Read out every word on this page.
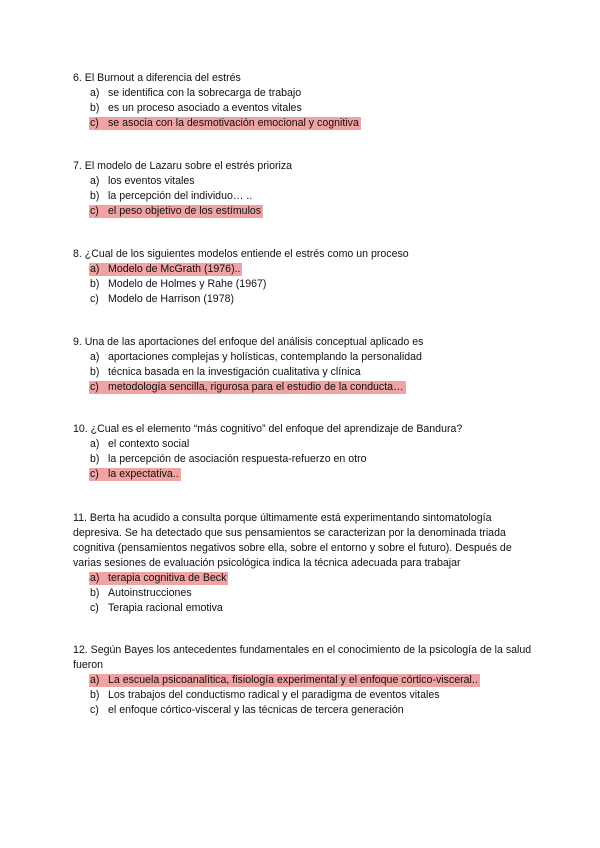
6. El Burnout a diferencia del estrés

a) se identifica con la sobrecarga de trabajo
b) es un proceso asociado a eventos vitales
c) se asocia con la desmotivación emocional y cognitiva

7. El modelo de Lazaru sobre el estrés prioriza

a) los eventos vitales
b) la percepción del individuo… ..
c) el peso objetivo de los estímulos

8. ¿Cual de los siguientes modelos entiende el estrés como un proceso

a) Modelo de McGrath (1976)..
b) Modelo de Holmes y Rahe (1967)
c) Modelo de Harrison (1978)

9. Una de las aportaciones del enfoque del análisis conceptual aplicado es

a) aportaciones complejas y holísticas, contemplando la personalidad
b) técnica basada en la investigación cualitativa y clínica
c) metodología sencilla, rigurosa para el estudio de la conducta…

10. ¿Cual es el elemento “más cognitivo” del enfoque del aprendizaje de Bandura?

a) el contexto social
b) la percepción de asociación respuesta-refuerzo en otro
c) la expectativa..

11. Berta ha acudido a consulta porque últimamente está experimentando sintomatología depresiva. Se ha detectado que sus pensamientos se caracterizan por la denominada triada cognitiva (pensamientos negativos sobre ella, sobre el entorno y sobre el futuro). Después de varias sesiones de evaluación psicológica indica la técnica adecuada para trabajar

a) terapia cognitiva de Beck
b) Autoinstrucciones
c) Terapia racional emotiva

12. Según Bayes los antecedentes fundamentales en el conocimiento de la psicología de la salud fueron

a) La escuela psicoanalítica, fisiología experimental y el enfoque córtico-visceral..
b) Los trabajos del conductismo radical y el paradigma de eventos vitales
c) el enfoque córtico-visceral y las técnicas de tercera generación
